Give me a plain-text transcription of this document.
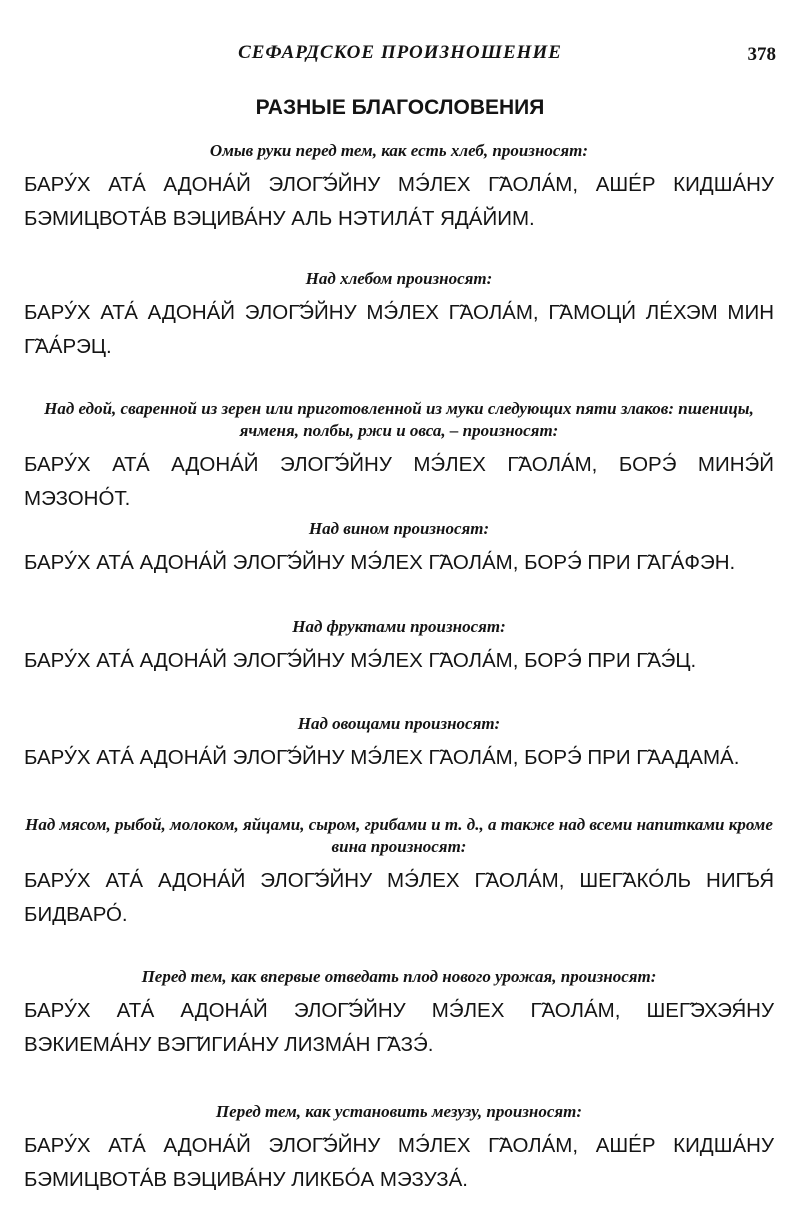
СЕФАРДСКОЕ ПРОИЗНОШЕНИЕ	378
РАЗНЫЕ БЛАГОСЛОВЕНИЯ

Омыв руки перед тем, как есть хлеб, произносят:

БАРУ́Х АТА́ АДОНА́Й ЭЛОГ̃Э́ЙНУ МЭ́ЛЕХ Г̃АОЛА́М, АШЕ́Р КИДША́НУ БЭМИЦВОТА́В ВЭЦИВА́НУ АЛЬ НЭТИЛА́Т ЯДА́ЙИМ.

Над хлебом произносят:

БАРУ́Х АТА́ АДОНА́Й ЭЛОГ̃Э́ЙНУ МЭ́ЛЕХ Г̃АОЛА́М, Г̃АМОЦИ́ ЛЕ́ХЭМ МИН Г̃АА́РЭЦ.

Над едой, сваренной из зерен или приготовленной из муки следующих пяти злаков: пшеницы, ячменя, полбы, ржи и овса, – произносят:

БАРУ́Х АТА́ АДОНА́Й ЭЛОГ̃Э́ЙНУ МЭ́ЛЕХ Г̃АОЛА́М, БОРЭ́ МИНЭ́Й МЭЗОНО́Т.

Над вином произносят:

БАРУ́Х АТА́ АДОНА́Й ЭЛОГ̃Э́ЙНУ МЭ́ЛЕХ Г̃АОЛА́М, БОРЭ́ ПРИ Г̃АГА́ФЭН.

Над фруктами произносят:

БАРУ́Х АТА́ АДОНА́Й ЭЛОГ̃Э́ЙНУ МЭ́ЛЕХ Г̃АОЛА́М, БОРЭ́ ПРИ Г̃АЭ́Ц.

Над овощами произносят:

БАРУ́Х АТА́ АДОНА́Й ЭЛОГ̃Э́ЙНУ МЭ́ЛЕХ Г̃АОЛА́М, БОРЭ́ ПРИ Г̃ААДАМА́.

Над мясом, рыбой, молоком, яйцами, сыром, грибами и т. д., а также над всеми напитками кроме вина произносят:

БАРУ́Х АТА́ АДОНА́Й ЭЛОГ̃Э́ЙНУ МЭ́ЛЕХ Г̃АОЛА́М, ШЕГ̃АКО́ЛЬ НИГ̃ЬЯ́ БИДВАРО́.

Перед тем, как впервые отведать плод нового урожая, произносят:

БАРУ́Х АТА́ АДОНА́Й ЭЛОГ̃Э́ЙНУ МЭ́ЛЕХ Г̃АОЛА́М, ШЕГ̃ЭХЭЯ́НУ ВЭКИЕМА́НУ ВЭГ̃ИГИА́НУ ЛИЗМА́Н Г̃АЗЭ́.

Перед тем, как установить мезузу, произносят:

БАРУ́Х АТА́ АДОНА́Й ЭЛОГ̃Э́ЙНУ МЭ́ЛЕХ Г̃АОЛА́М, АШЕ́Р КИДША́НУ БЭМИЦВОТА́В ВЭЦИВА́НУ ЛИКБО́А МЭЗУЗА́.
